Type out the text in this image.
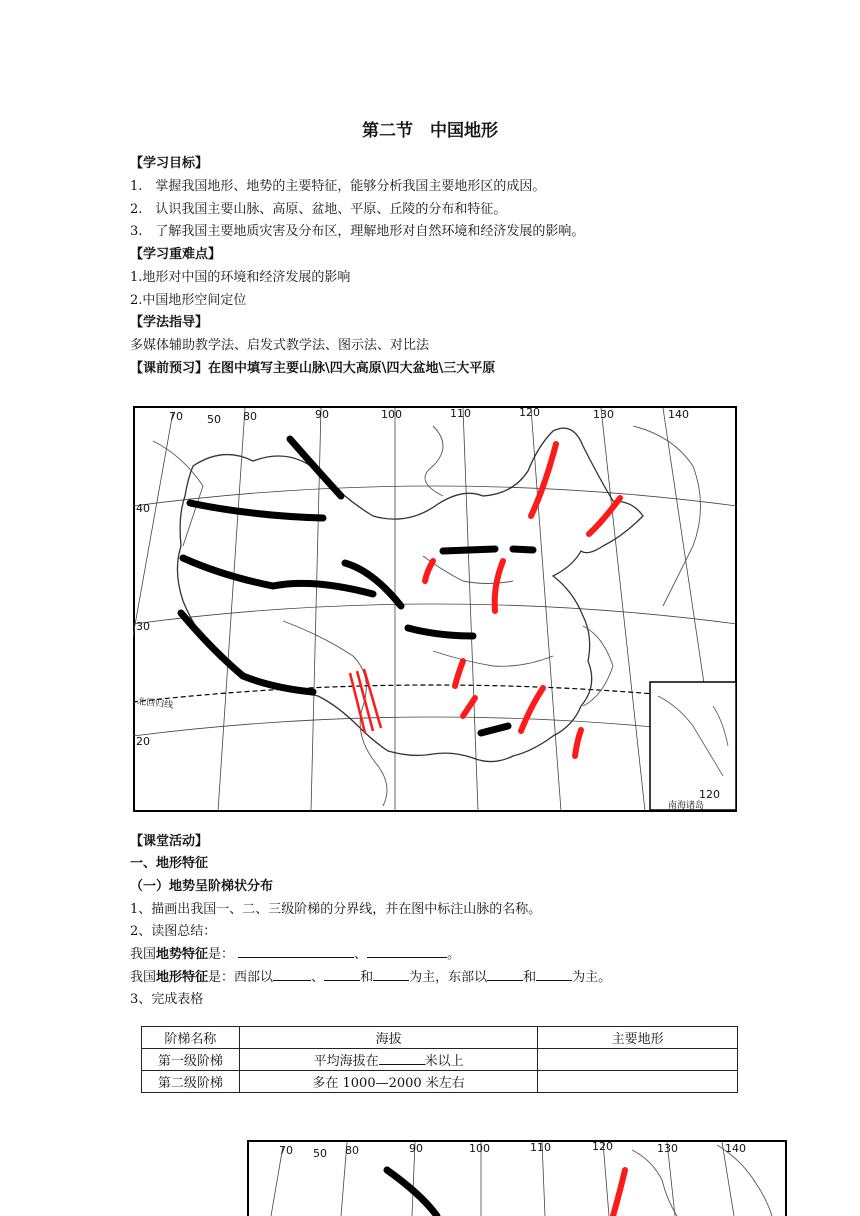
第二节　中国地形
【学习目标】
1.　掌握我国地形、地势的主要特征，能够分析我国主要地形区的成因。
2.　认识我国主要山脉、高原、盆地、平原、丘陵的分布和特征。
3.　了解我国主要地质灾害及分布区，理解地形对自然环境和经济发展的影响。
【学习重难点】
1.地形对中国的环境和经济发展的影响
2.中国地形空间定位
【学法指导】
多媒体辅助教学法、启发式教学法、图示法、对比法
【课前预习】在图中填写主要山脉\四大高原\四大盆地\三大平原
120
南海诸岛
70 50 80	90	100	110	120	130	140
40
30
20
北回归线
【课堂活动】
一、地形特征
（一）地势呈阶梯状分布
1、描画出我国一、二、三级阶梯的分界线，并在图中标注山脉的名称。
2、读图总结：
我国地势特征是：	、	。
我国地形特征是：西部以	、	和	为主，东部以	和	为主。
3、完成表格
阶梯名称	海拔	主要地形
第一级阶梯	平均海拔在 米以上	
第二级阶梯	多在 1000—2000 米左右	
70 50 80	90	100	110	120	130	140
